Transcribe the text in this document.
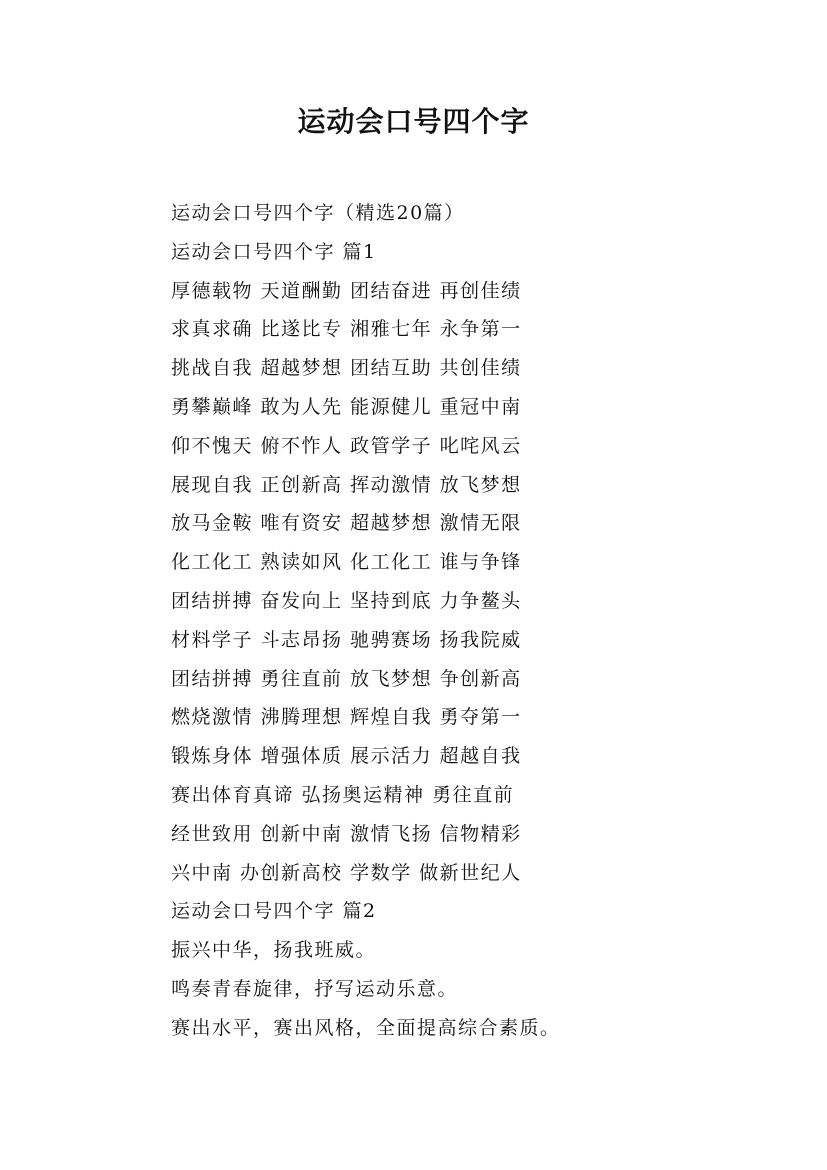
运动会口号四个字

运动会口号四个字（精选20篇）

运动会口号四个字 篇1

厚德载物 天道酬勤 团结奋进 再创佳绩

求真求确 比遂比专 湘雅七年 永争第一

挑战自我 超越梦想 团结互助 共创佳绩

勇攀巅峰 敢为人先 能源健儿 重冠中南

仰不愧天 俯不怍人 政管学子 叱咤风云

展现自我 正创新高 挥动激情 放飞梦想

放马金鞍 唯有资安 超越梦想 激情无限

化工化工 熟读如风 化工化工 谁与争锋

团结拼搏 奋发向上 坚持到底 力争鳌头

材料学子 斗志昂扬 驰骋赛场 扬我院威

团结拼搏 勇往直前 放飞梦想 争创新高

燃烧激情 沸腾理想 辉煌自我 勇夺第一

锻炼身体 增强体质 展示活力 超越自我

赛出体育真谛 弘扬奥运精神 勇往直前

经世致用 创新中南 激情飞扬 信物精彩

兴中南 办创新高校 学数学 做新世纪人

运动会口号四个字 篇2

振兴中华，扬我班威。

鸣奏青春旋律，抒写运动乐意。

赛出水平，赛出风格，全面提高综合素质。
